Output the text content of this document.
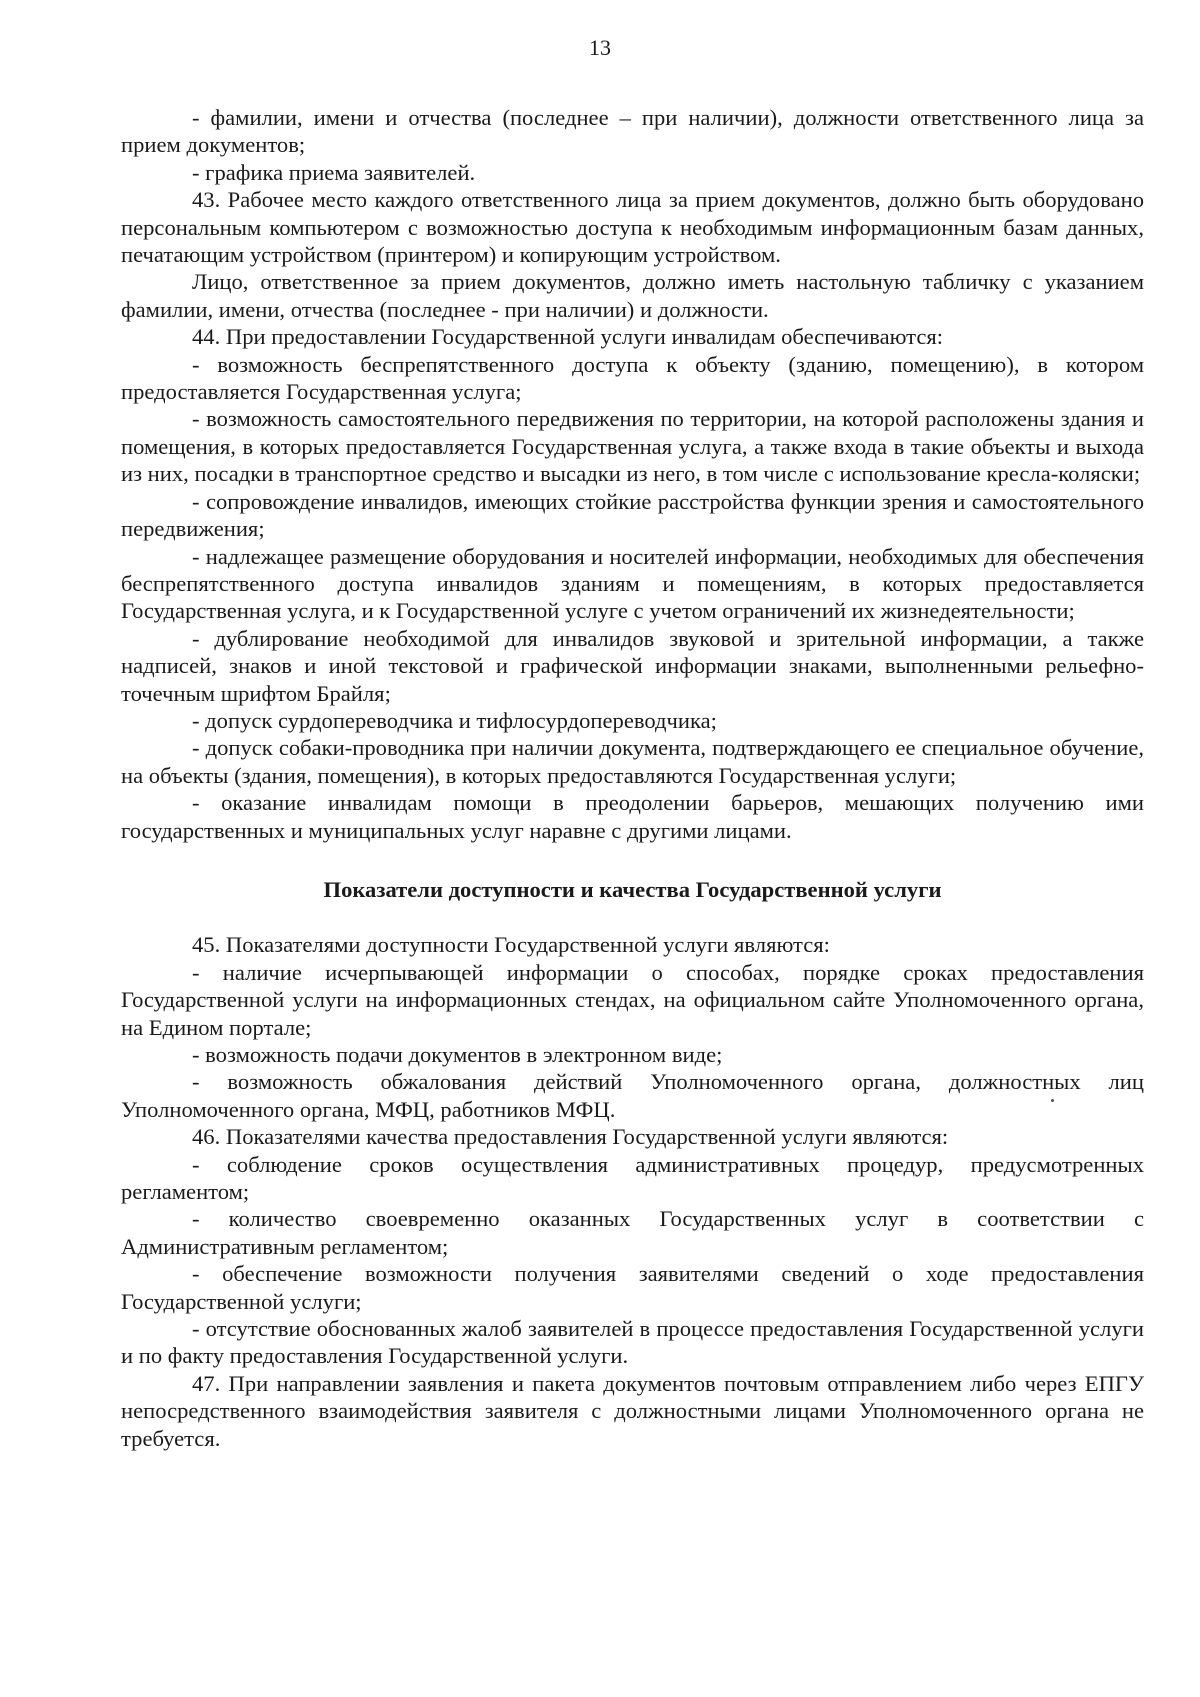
13

- фамилии, имени и отчества (последнее – при наличии), должности ответственного лица за прием документов;

- графика приема заявителей.

43. Рабочее место каждого ответственного лица за прием документов, должно быть оборудовано персональным компьютером с возможностью доступа к необходимым информационным базам данных, печатающим устройством (принтером) и копирующим устройством.

Лицо, ответственное за прием документов, должно иметь настольную табличку с указанием фамилии, имени, отчества (последнее - при наличии) и должности.

44. При предоставлении Государственной услуги инвалидам обеспечиваются:

- возможность беспрепятственного доступа к объекту (зданию, помещению), в котором предоставляется Государственная услуга;

- возможность самостоятельного передвижения по территории, на которой расположены здания и помещения, в которых предоставляется Государственная услуга, а также входа в такие объекты и выхода из них, посадки в транспортное средство и высадки из него, в том числе с использование кресла-коляски;

- сопровождение инвалидов, имеющих стойкие расстройства функции зрения и самостоятельного передвижения;

- надлежащее размещение оборудования и носителей информации, необходимых для обеспечения беспрепятственного доступа инвалидов зданиям и помещениям, в которых предоставляется Государственная услуга, и к Государственной услуге с учетом ограничений их жизнедеятельности;

- дублирование необходимой для инвалидов звуковой и зрительной информации, а также надписей, знаков и иной текстовой и графической информации знаками, выполненными рельефно-точечным шрифтом Брайля;

- допуск сурдопереводчика и тифлосурдопереводчика;

- допуск собаки-проводника при наличии документа, подтверждающего ее специальное обучение, на объекты (здания, помещения), в которых предоставляются Государственная услуги;

- оказание инвалидам помощи в преодолении барьеров, мешающих получению ими государственных и муниципальных услуг наравне с другими лицами.

Показатели доступности и качества Государственной услуги

45. Показателями доступности Государственной услуги являются:

- наличие исчерпывающей информации о способах, порядке сроках предоставления Государственной услуги на информационных стендах, на официальном сайте Уполномоченного органа, на Едином портале;

- возможность подачи документов в электронном виде;

- возможность обжалования действий Уполномоченного органа, должностных лиц Уполномоченного органа, МФЦ, работников МФЦ.

46. Показателями качества предоставления Государственной услуги являются:

- соблюдение сроков осуществления административных процедур, предусмотренных регламентом;

- количество своевременно оказанных Государственных услуг в соответствии с Административным регламентом;

- обеспечение возможности получения заявителями сведений о ходе предоставления Государственной услуги;

- отсутствие обоснованных жалоб заявителей в процессе предоставления Государственной услуги и по факту предоставления Государственной услуги.

47. При направлении заявления и пакета документов почтовым отправлением либо через ЕПГУ непосредственного взаимодействия заявителя с должностными лицами Уполномоченного органа не требуется.
